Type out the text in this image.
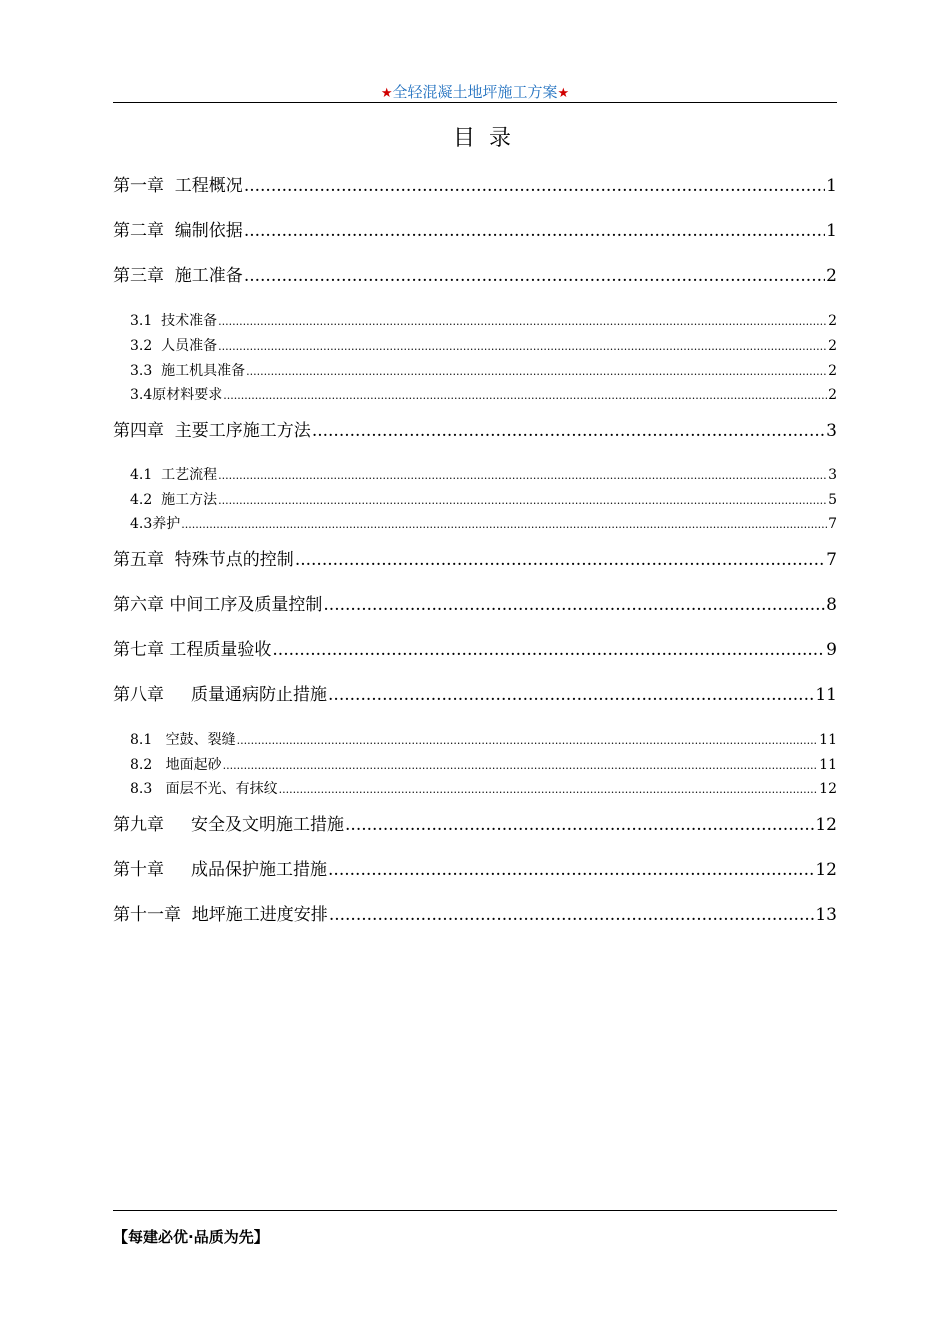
★全轻混凝土地坪施工方案★
目录
第一章  工程概况 .....	1
第二章  编制依据 .....	1
第三章  施工准备 .....	2
3.1  技术准备 .....	2
3.2  人员准备 .....	2
3.3  施工机具准备 .....	2
3.4原材料要求 .....	2
第四章  主要工序施工方法 .....	3
4.1  工艺流程 .....	3
4.2  施工方法 .....	5
4.3养护 .....	7
第五章  特殊节点的控制 .....	7
第六章 中间工序及质量控制 .....	8
第七章 工程质量验收 .....	9
第八章     质量通病防止措施 .....	11
8.1   空鼓、裂缝 .....	11
8.2   地面起砂 .....	11
8.3   面层不光、有抹纹 .....	12
第九章     安全及文明施工措施 .....	12
第十章     成品保护施工措施 .....	12
第十一章  地坪施工进度安排 .....	13
【每建必优·品质为先】
